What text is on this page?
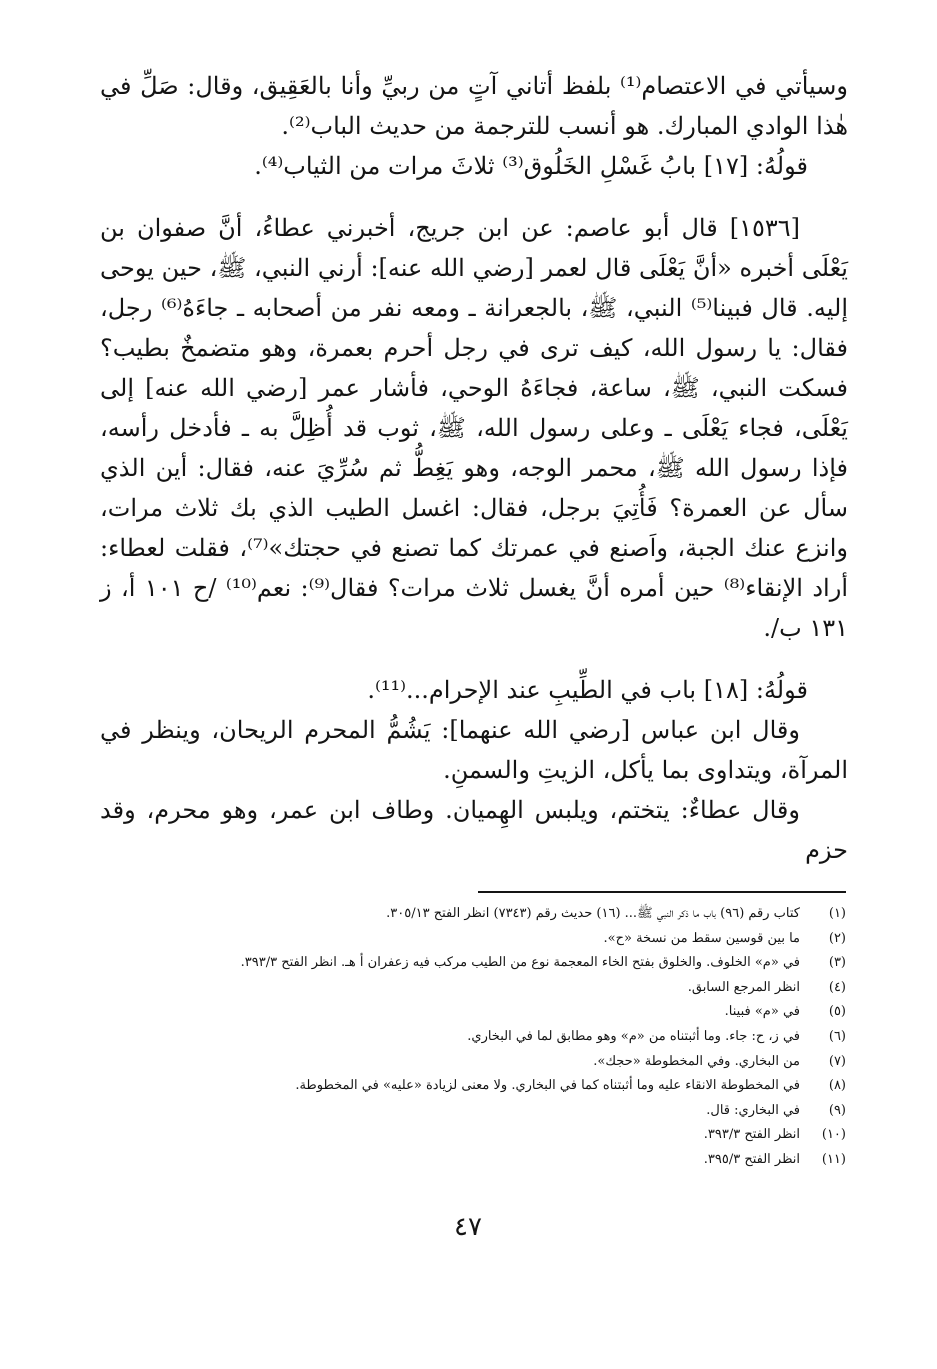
وسيأتي في الاعتصام⁽¹⁾ بلفظ أتاني آتٍ من ربيِّ وأنا بالعَقِيق، وقال: صَلِّ في هٰذا الوادي المبارك. هو أنسب للترجمة من حديث الباب⁽²⁾.

قولُهُ: [١٧] بابُ غَسْلِ الخَلُوق⁽³⁾ ثلاثَ مرات من الثياب⁽⁴⁾.

[١٥٣٦] قال أبو عاصم: عن ابن جريج، أخبرني عطاءُ، أنَّ صفوان بن يَعْلَى أخبره «أنَّ يَعْلَى قال لعمر [رضي الله عنه]: أرني النبي، ﷺ، حين يوحى إليه. قال فبينا⁽⁵⁾ النبي، ﷺ، بالجعرانة ـ ومعه نفر من أصحابه ـ جاءَهُ⁽⁶⁾ رجل، فقال: يا رسول الله، كيف ترى في رجل أحرم بعمرة، وهو متضمخٌ بطيب؟ فسكت النبي، ﷺ، ساعة، فجاءَهُ الوحي، فأشار عمر [رضي الله عنه] إلى يَعْلَى، فجاء يَعْلَى ـ وعلى رسول الله، ﷺ، ثوب قد أُظِلَّ به ـ فأدخل رأسه، فإذا رسول الله ﷺ، محمر الوجه، وهو يَغِطُّ ثم سُرِّيَ عنه، فقال: أين الذي سأل عن العمرة؟ فَأُتِيَ برجل، فقال: اغسل الطيب الذي بك ثلاث مرات، وانزع عنك الجبة، واَصنع في عمرتك كما تصنع في حجتك»⁽⁷⁾، فقلت لعطاء: أراد الإنقاء⁽⁸⁾ حين أمره أنَّ يغسل ثلاث مرات؟ فقال⁽⁹⁾: نعم⁽¹⁰⁾ /ح ١٠١ أ، ز ١٣١ ب/.

قولُهُ: [١٨] باب في الطِّيبِ عند الإحرام...⁽¹¹⁾.

وقال ابن عباس [رضي الله عنهما]: يَشُمُّ المحرم الريحان، وينظر في المرآة، ويتداوى بما يأكل، الزيتِ والسمنِ.

وقال عطاءٌ: يتختم، ويلبس الهِميان. وطاف ابن عمر، وهو محرم، وقد حزم

(١)
كتاب رقم (٩٦) باب ما ذكر النبي ﷺ... (١٦) حديث رقم (٧٣٤٣) انظر الفتح ٣٠٥/١٣.
(٢)
ما بين قوسين سقط من نسخة «ح».
(٣)
في «م» الخلوف. والخلوق بفتح الخاء المعجمة نوع من الطيب مركب فيه زعفران أ هـ. انظر الفتح ٣٩٣/٣.
(٤)
انظر المرجع السابق.
(٥)
في «م» فبينا.
(٦)
في ز، ح: جاء. وما أثبتناه من «م» وهو مطابق لما في البخاري.
(٧)
من البخاري. وفي المخطوطة «حجك».
(٨)
في المخطوطة الانقاء عليه وما أثبتناه كما في البخاري. ولا معنى لزيادة «عليه» في المخطوطة.
(٩)
في البخاري: قال.
(١٠)
انظر الفتح ٣٩٣/٣.
(١١)
انظر الفتح ٣٩٥/٣.
٤٧
